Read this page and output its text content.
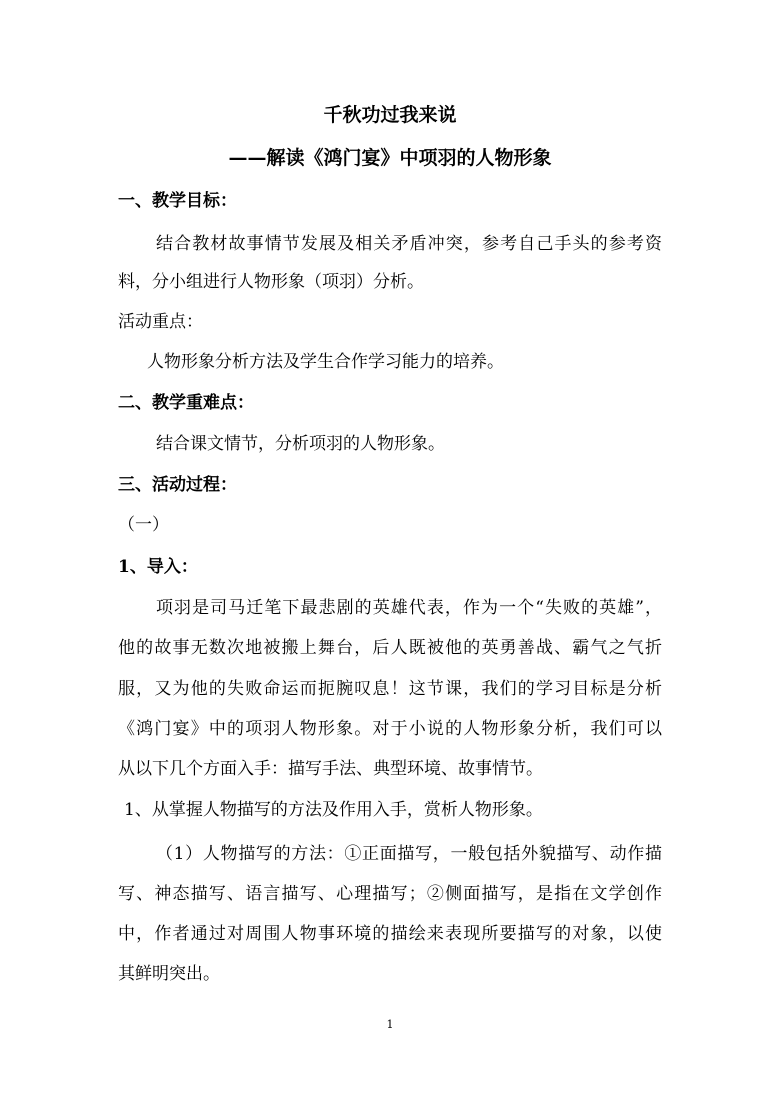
千秋功过我来说
——解读《鸿门宴》中项羽的人物形象
一、教学目标：
结合教材故事情节发展及相关矛盾冲突，参考自己手头的参考资
料，分小组进行人物形象（项羽）分析。
活动重点：
人物形象分析方法及学生合作学习能力的培养。
二、教学重难点：
结合课文情节，分析项羽的人物形象。
三、活动过程：
（一）
1、导入：
项羽是司马迁笔下最悲剧的英雄代表，作为一个“失败的英雄”，
他的故事无数次地被搬上舞台，后人既被他的英勇善战、霸气之气折
服，又为他的失败命运而扼腕叹息！这节课，我们的学习目标是分析
《鸿门宴》中的项羽人物形象。对于小说的人物形象分析，我们可以
从以下几个方面入手：描写手法、典型环境、故事情节。
1、从掌握人物描写的方法及作用入手，赏析人物形象。
（1）人物描写的方法：①正面描写，一般包括外貌描写、动作描
写、神态描写、语言描写、心理描写；②侧面描写，是指在文学创作
中，作者通过对周围人物事环境的描绘来表现所要描写的对象，以使
其鲜明突出。
1
